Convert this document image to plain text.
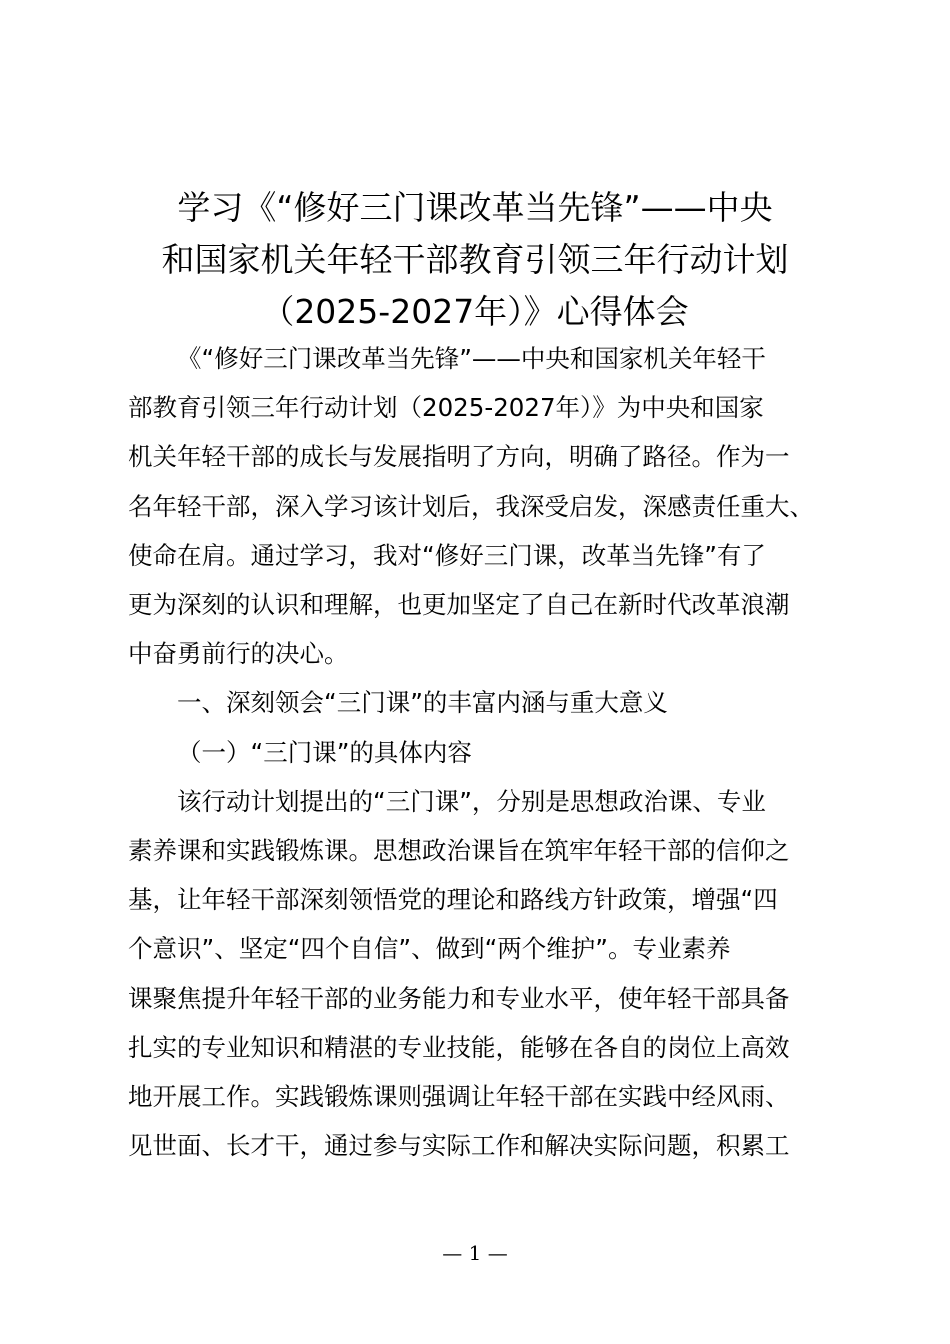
学习《“修好三门课改革当先锋”——中央
和国家机关年轻干部教育引领三年行动计划
（2025-2027年）》心得体会

《“修好三门课改革当先锋”——中央和国家机关年轻干
部教育引领三年行动计划（2025-2027年）》为中央和国家
机关年轻干部的成长与发展指明了方向，明确了路径。作为一
名年轻干部，深入学习该计划后，我深受启发，深感责任重大、
使命在肩。通过学习，我对“修好三门课，改革当先锋”有了
更为深刻的认识和理解，也更加坚定了自己在新时代改革浪潮
中奋勇前行的决心。

一、深刻领会“三门课”的丰富内涵与重大意义

（一）“三门课”的具体内容

该行动计划提出的“三门课”，分别是思想政治课、专业
素养课和实践锻炼课。思想政治课旨在筑牢年轻干部的信仰之
基，让年轻干部深刻领悟党的理论和路线方针政策，增强“四
个意识”、坚定“四个自信”、做到“两个维护”。专业素养
课聚焦提升年轻干部的业务能力和专业水平，使年轻干部具备
扎实的专业知识和精湛的专业技能，能够在各自的岗位上高效
地开展工作。实践锻炼课则强调让年轻干部在实践中经风雨、
见世面、长才干，通过参与实际工作和解决实际问题，积累工

— 1 —
